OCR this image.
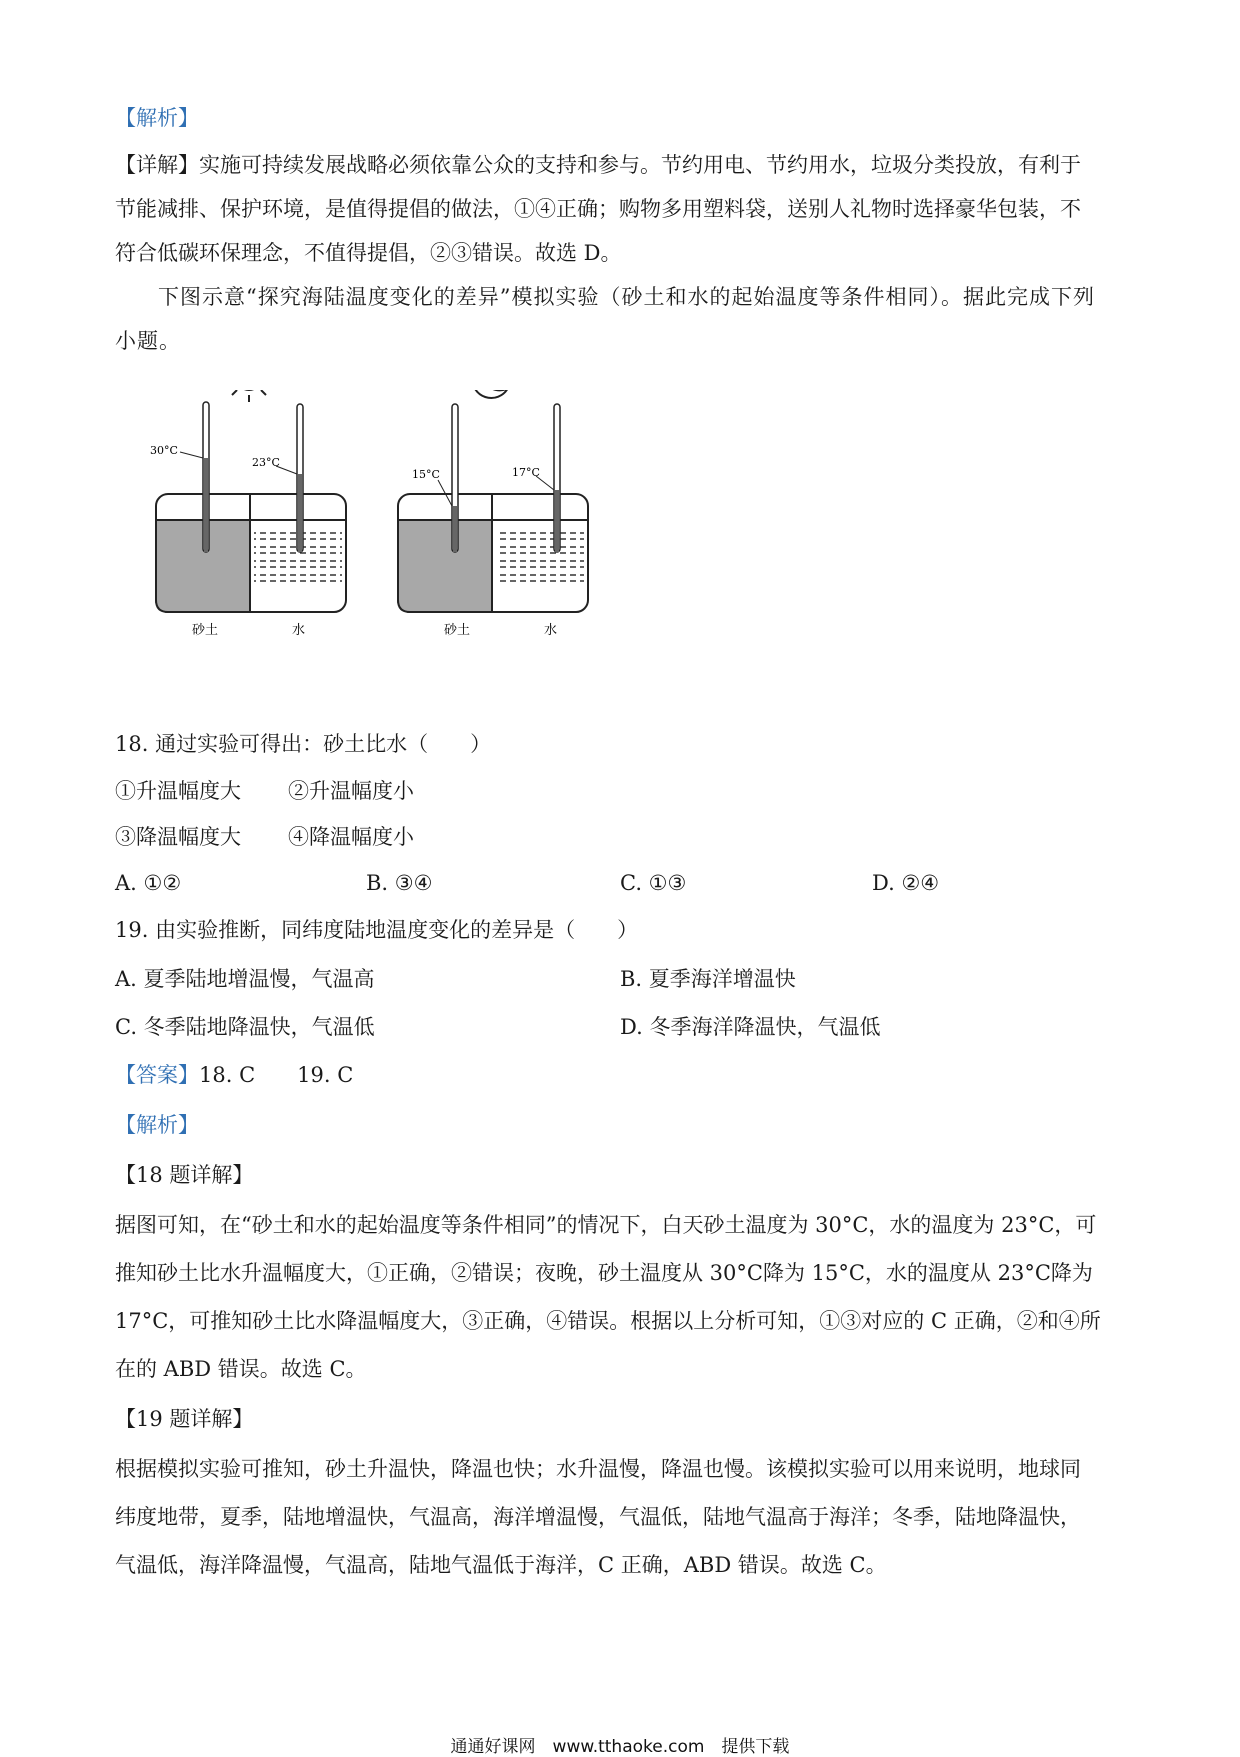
【解析】

【详解】实施可持续发展战略必须依靠公众的支持和参与。节约用电、节约用水，垃圾分类投放，有利于

节能减排、保护环境，是值得提倡的做法，①④正确；购物多用塑料袋，送别人礼物时选择豪华包装，不

符合低碳环保理念，不值得提倡，②③错误。故选 D。

下图示意“探究海陆温度变化的差异”模拟实验（砂土和水的起始温度等条件相同）。据此完成下列

小题。

30°C
23°C
砂土	水
15°C	17°C
砂土	水

18. 通过实验可得出：砂土比水（　　）

①升温幅度大 ②升温幅度小
③降温幅度大 ④降温幅度小
A. ①②	B. ③④	C. ①③	D. ②④

19. 由实验推断，同纬度陆地温度变化的差异是（　　）

A. 夏季陆地增温慢，气温高	B. 夏季海洋增温快
C. 冬季陆地降温快，气温低	D. 冬季海洋降温快，气温低

【答案】18. C　　19. C

【解析】

【18 题详解】

据图可知，在“砂土和水的起始温度等条件相同”的情况下，白天砂土温度为 30°C，水的温度为 23°C，可

推知砂土比水升温幅度大，①正确，②错误；夜晚，砂土温度从 30°C降为 15°C，水的温度从 23°C降为

17°C，可推知砂土比水降温幅度大，③正确，④错误。根据以上分析可知，①③对应的 C 正确，②和④所

在的 ABD 错误。故选 C。

【19 题详解】

根据模拟实验可推知，砂土升温快，降温也快；水升温慢，降温也慢。该模拟实验可以用来说明，地球同

纬度地带，夏季，陆地增温快，气温高，海洋增温慢，气温低，陆地气温高于海洋；冬季，陆地降温快，

气温低，海洋降温慢，气温高，陆地气温低于海洋，C 正确，ABD 错误。故选 C。

通通好课网　www.tthaoke.com　提供下载
